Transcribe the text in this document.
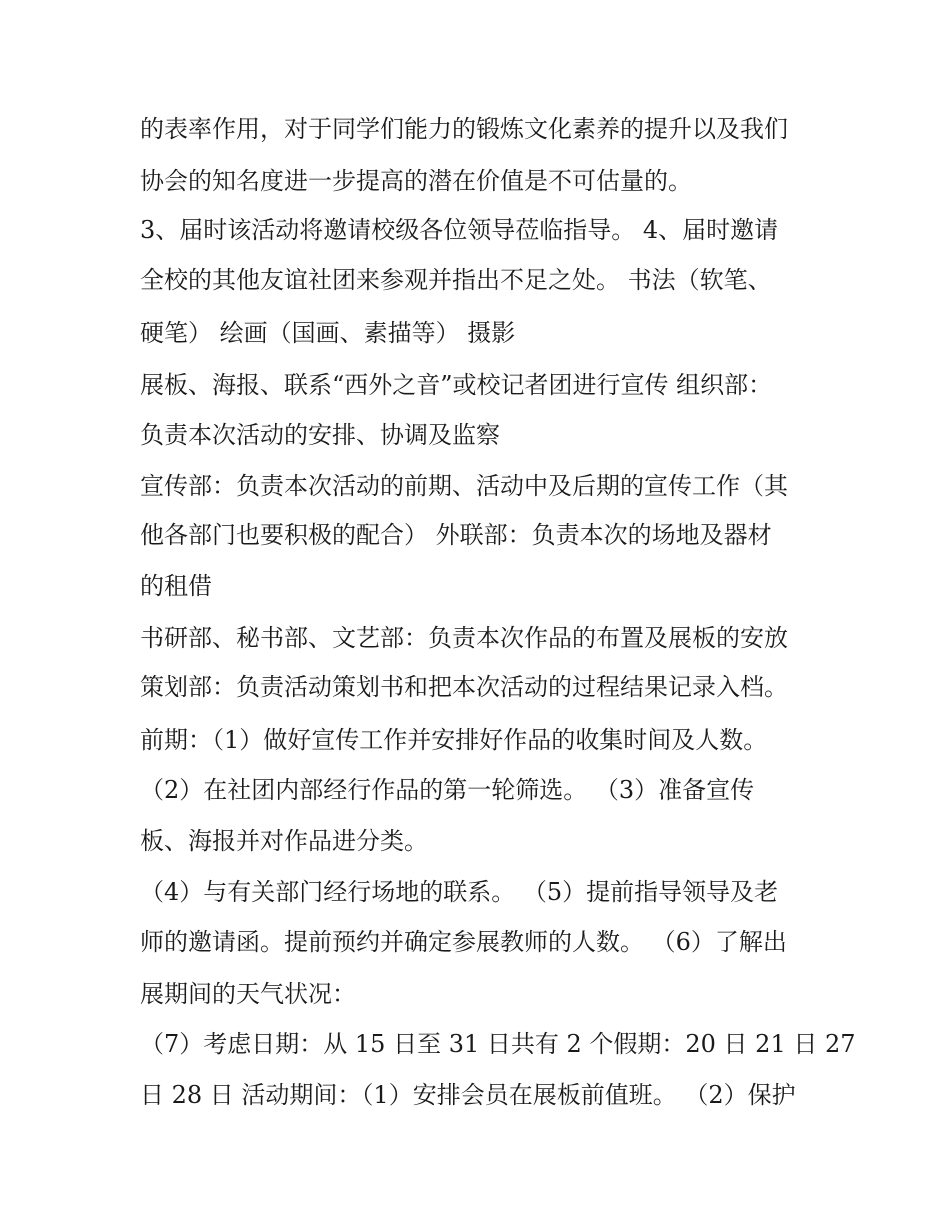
的表率作用，对于同学们能力的锻炼文化素养的提升以及我们
协会的知名度进一步提高的潜在价值是不可估量的。
3、届时该活动将邀请校级各位领导莅临指导。 4、届时邀请
全校的其他友谊社团来参观并指出不足之处。 书法（软笔、
硬笔） 绘画（国画、素描等） 摄影
展板、海报、联系“西外之音”或校记者团进行宣传 组织部：
负责本次活动的安排、协调及监察
宣传部：负责本次活动的前期、活动中及后期的宣传工作（其
他各部门也要积极的配合） 外联部：负责本次的场地及器材
的租借
书研部、秘书部、文艺部：负责本次作品的布置及展板的安放
策划部：负责活动策划书和把本次活动的过程结果记录入档。
前期：（1）做好宣传工作并安排好作品的收集时间及人数。
（2）在社团内部经行作品的第一轮筛选。 （3）准备宣传
板、海报并对作品进分类。
（4）与有关部门经行场地的联系。 （5）提前指导领导及老
师的邀请函。提前预约并确定参展教师的人数。 （6）了解出
展期间的天气状况：
（7）考虑日期：从 15 日至 31 日共有 2 个假期：20 日 21 日 27
日 28 日 活动期间：（1）安排会员在展板前值班。 （2）保护
